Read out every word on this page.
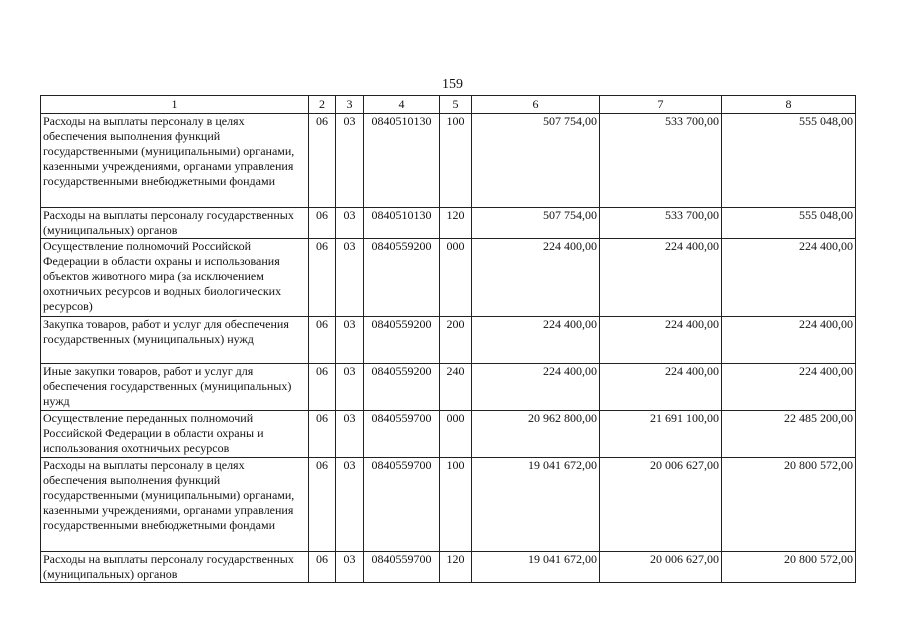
159
1	2	3	4	5	6	7	8
Расходы на выплаты персоналу в целях обеспечения выполнения функций государственными (муниципальными) органами, казенными учреждениями, органами управления государственными внебюджетными фондами	06	03	0840510130	100	507 754,00	533 700,00	555 048,00
Расходы на выплаты персоналу государственных (муниципальных) органов	06	03	0840510130	120	507 754,00	533 700,00	555 048,00
Осуществление полномочий Российской Федерации в области охраны и использования объектов животного мира (за исключением охотничьих ресурсов и водных биологических ресурсов)	06	03	0840559200	000	224 400,00	224 400,00	224 400,00
Закупка товаров, работ и услуг для обеспечения государственных (муниципальных) нужд	06	03	0840559200	200	224 400,00	224 400,00	224 400,00
Иные закупки товаров, работ и услуг для обеспечения государственных (муниципальных) нужд	06	03	0840559200	240	224 400,00	224 400,00	224 400,00
Осуществление переданных полномочий Российской Федерации в области охраны и использования охотничьих ресурсов	06	03	0840559700	000	20 962 800,00	21 691 100,00	22 485 200,00
Расходы на выплаты персоналу в целях обеспечения выполнения функций государственными (муниципальными) органами, казенными учреждениями, органами управления государственными внебюджетными фондами	06	03	0840559700	100	19 041 672,00	20 006 627,00	20 800 572,00
Расходы на выплаты персоналу государственных (муниципальных) органов	06	03	0840559700	120	19 041 672,00	20 006 627,00	20 800 572,00
